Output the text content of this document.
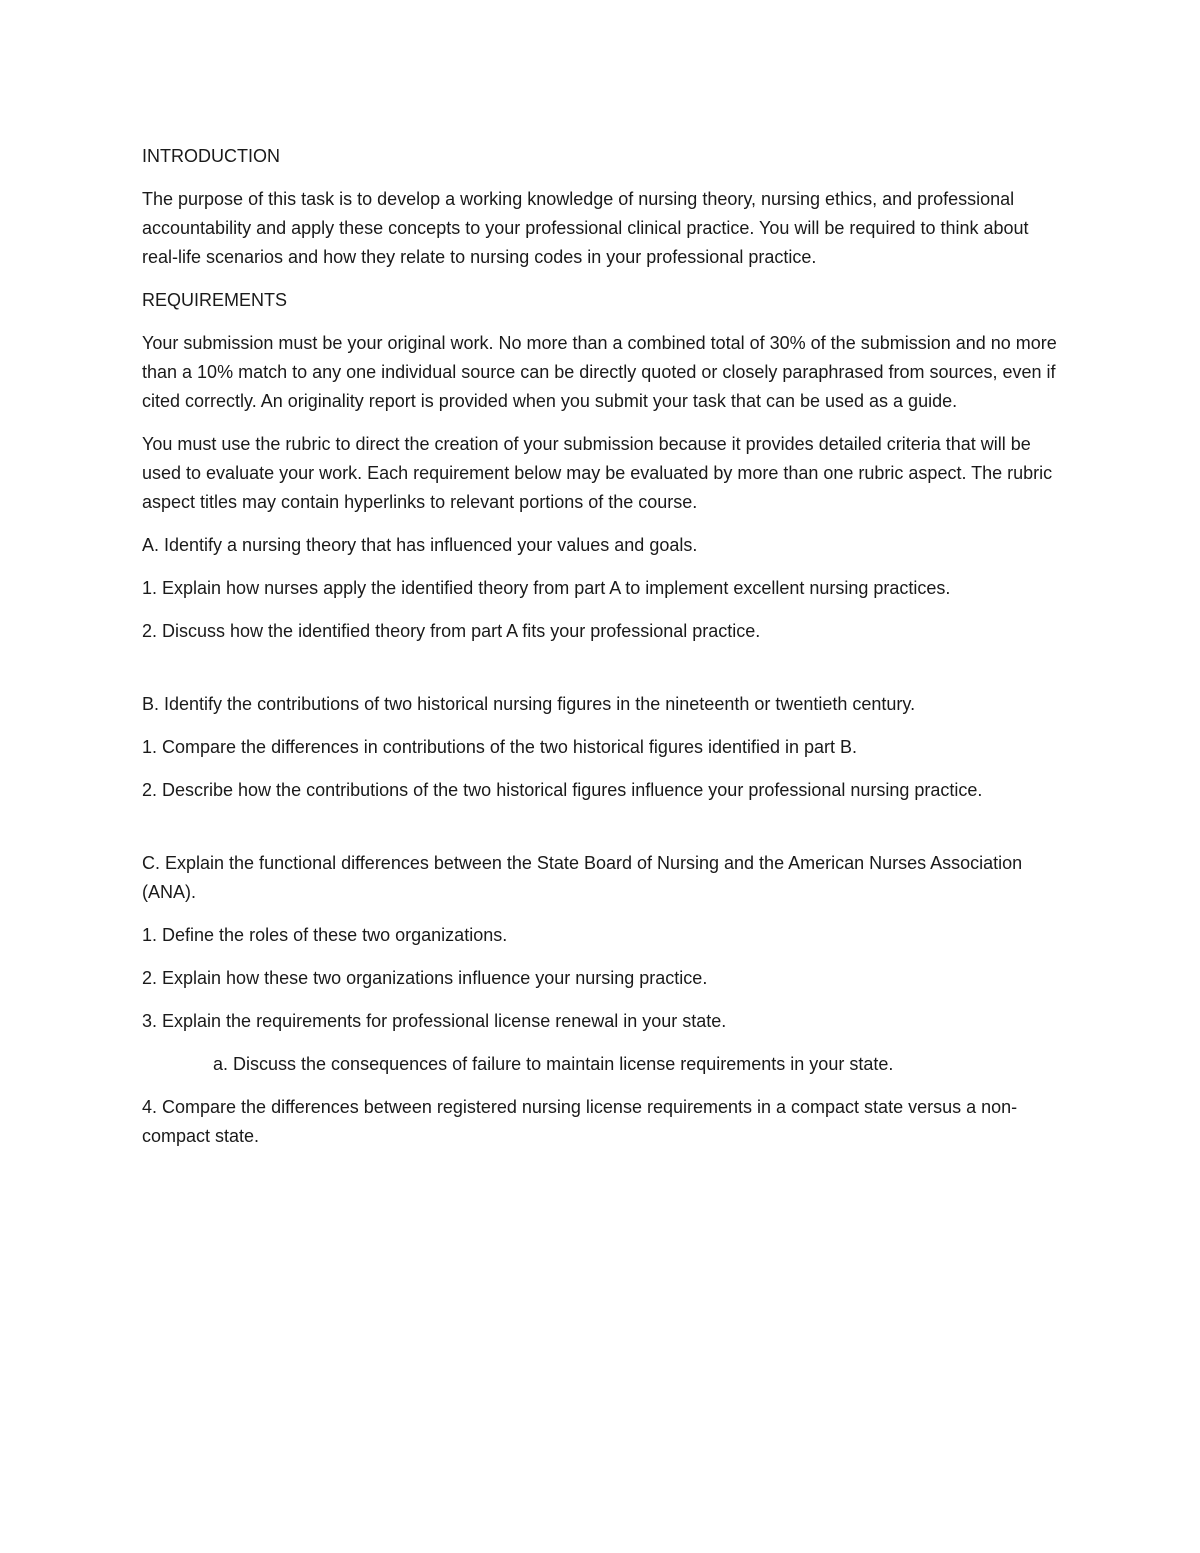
INTRODUCTION

The purpose of this task is to develop a working knowledge of nursing theory, nursing ethics, and professional accountability and apply these concepts to your professional clinical practice. You will be required to think about real-life scenarios and how they relate to nursing codes in your professional practice.

REQUIREMENTS

Your submission must be your original work. No more than a combined total of 30% of the submission and no more than a 10% match to any one individual source can be directly quoted or closely paraphrased from sources, even if cited correctly. An originality report is provided when you submit your task that can be used as a guide.

You must use the rubric to direct the creation of your submission because it provides detailed criteria that will be used to evaluate your work. Each requirement below may be evaluated by more than one rubric aspect. The rubric aspect titles may contain hyperlinks to relevant portions of the course.

A. Identify a nursing theory that has influenced your values and goals.

1. Explain how nurses apply the identified theory from part A to implement excellent nursing practices.

2. Discuss how the identified theory from part A fits your professional practice.

B. Identify the contributions of two historical nursing figures in the nineteenth or twentieth century.

1. Compare the differences in contributions of the two historical figures identified in part B.

2. Describe how the contributions of the two historical figures influence your professional nursing practice.

C. Explain the functional differences between the State Board of Nursing and the American Nurses Association (ANA).

1. Define the roles of these two organizations.

2. Explain how these two organizations influence your nursing practice.

3. Explain the requirements for professional license renewal in your state.

a. Discuss the consequences of failure to maintain license requirements in your state.

4. Compare the differences between registered nursing license requirements in a compact state versus a non-compact state.
